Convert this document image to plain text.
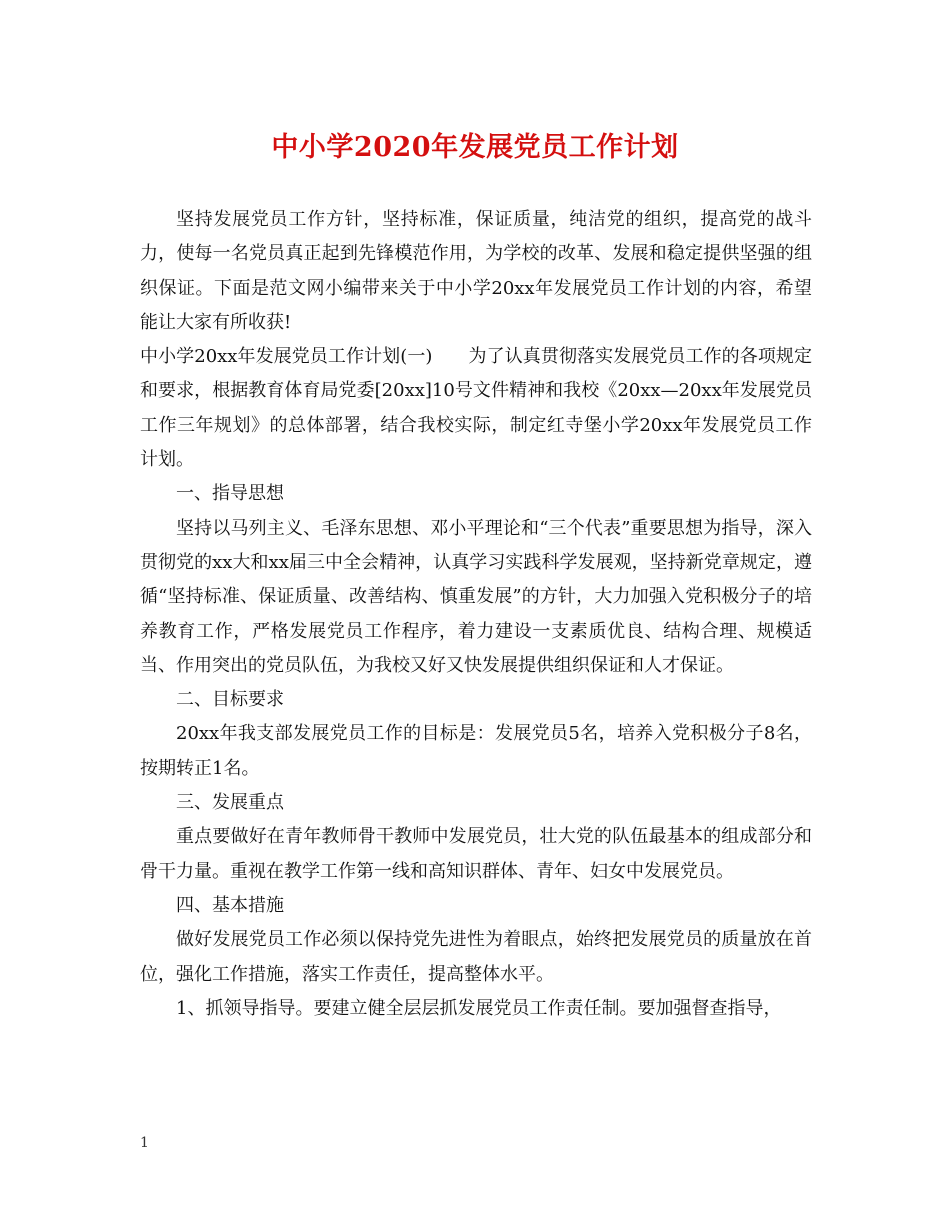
中小学2020年发展党员工作计划

坚持发展党员工作方针，坚持标准，保证质量，纯洁党的组织，提高党的战斗力，使每一名党员真正起到先锋模范作用，为学校的改革、发展和稳定提供坚强的组织保证。下面是范文网小编带来关于中小学20xx年发展党员工作计划的内容，希望能让大家有所收获!

中小学20xx年发展党员工作计划(一) 为了认真贯彻落实发展党员工作的各项规定和要求，根据教育体育局党委[20xx]10号文件精神和我校《20xx—20xx年发展党员工作三年规划》的总体部署，结合我校实际，制定红寺堡小学20xx年发展党员工作计划。

一、指导思想

坚持以马列主义、毛泽东思想、邓小平理论和“三个代表”重要思想为指导，深入贯彻党的xx大和xx届三中全会精神，认真学习实践科学发展观，坚持新党章规定，遵循“坚持标准、保证质量、改善结构、慎重发展”的方针，大力加强入党积极分子的培养教育工作，严格发展党员工作程序，着力建设一支素质优良、结构合理、规模适当、作用突出的党员队伍，为我校又好又快发展提供组织保证和人才保证。

二、目标要求

20xx年我支部发展党员工作的目标是：发展党员5名，培养入党积极分子8名，按期转正1名。

三、发展重点

重点要做好在青年教师骨干教师中发展党员，壮大党的队伍最基本的组成部分和骨干力量。重视在教学工作第一线和高知识群体、青年、妇女中发展党员。

四、基本措施

做好发展党员工作必须以保持党先进性为着眼点，始终把发展党员的质量放在首位，强化工作措施，落实工作责任，提高整体水平。

1、抓领导指导。要建立健全层层抓发展党员工作责任制。要加强督查指导，

1
